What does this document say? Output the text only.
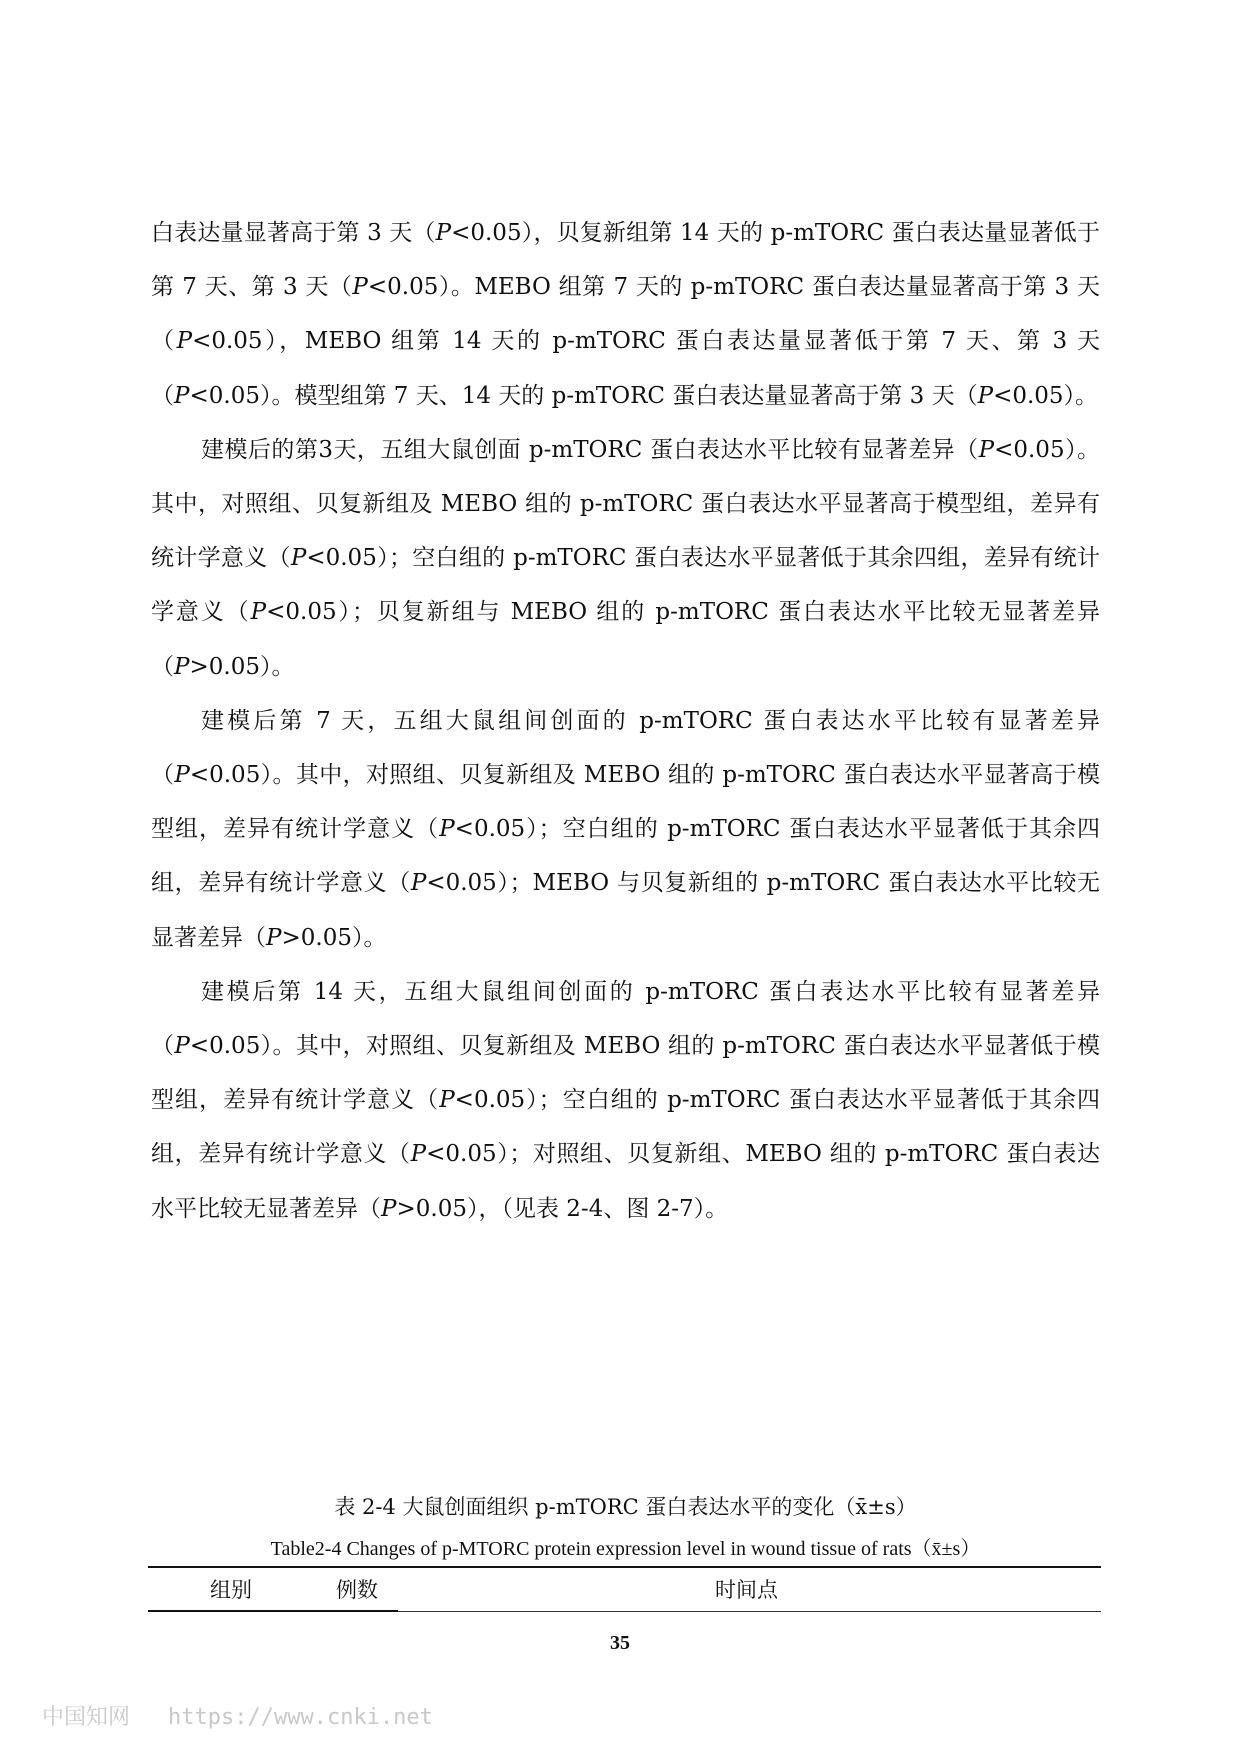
白表达量显著高于第 3 天（P<0.05），贝复新组第 14 天的 p-mTORC 蛋白表达量显著低于第 7 天、第 3 天（P<0.05）。MEBO 组第 7 天的 p-mTORC 蛋白表达量显著高于第 3 天（P<0.05），MEBO 组第 14 天的 p-mTORC 蛋白表达量显著低于第 7 天、第 3 天（P<0.05）。模型组第 7 天、14 天的 p-mTORC 蛋白表达量显著高于第 3 天（P<0.05）。

建模后的第3天，五组大鼠创面 p-mTORC 蛋白表达水平比较有显著差异（P<0.05）。其中，对照组、贝复新组及 MEBO 组的 p-mTORC 蛋白表达水平显著高于模型组，差异有统计学意义（P<0.05）；空白组的 p-mTORC 蛋白表达水平显著低于其余四组，差异有统计学意义（P<0.05）；贝复新组与 MEBO 组的 p-mTORC 蛋白表达水平比较无显著差异（P>0.05）。

建模后第 7 天，五组大鼠组间创面的 p-mTORC 蛋白表达水平比较有显著差异（P<0.05）。其中，对照组、贝复新组及 MEBO 组的 p-mTORC 蛋白表达水平显著高于模型组，差异有统计学意义（P<0.05）；空白组的 p-mTORC 蛋白表达水平显著低于其余四组，差异有统计学意义（P<0.05）；MEBO 与贝复新组的 p-mTORC 蛋白表达水平比较无显著差异（P>0.05）。

建模后第 14 天，五组大鼠组间创面的 p-mTORC 蛋白表达水平比较有显著差异（P<0.05）。其中，对照组、贝复新组及 MEBO 组的 p-mTORC 蛋白表达水平显著低于模型组，差异有统计学意义（P<0.05）；空白组的 p-mTORC 蛋白表达水平显著低于其余四组，差异有统计学意义（P<0.05）；对照组、贝复新组、MEBO 组的 p-mTORC 蛋白表达水平比较无显著差异（P>0.05），（见表 2-4、图 2-7）。

表 2-4 大鼠创面组织 p-mTORC 蛋白表达水平的变化（x̄±s）
Table2-4 Changes of p-MTORC protein expression level in wound tissue of rats（x̄±s）
组别	例数	时间点
35
中国知网 https://www.cnki.net
